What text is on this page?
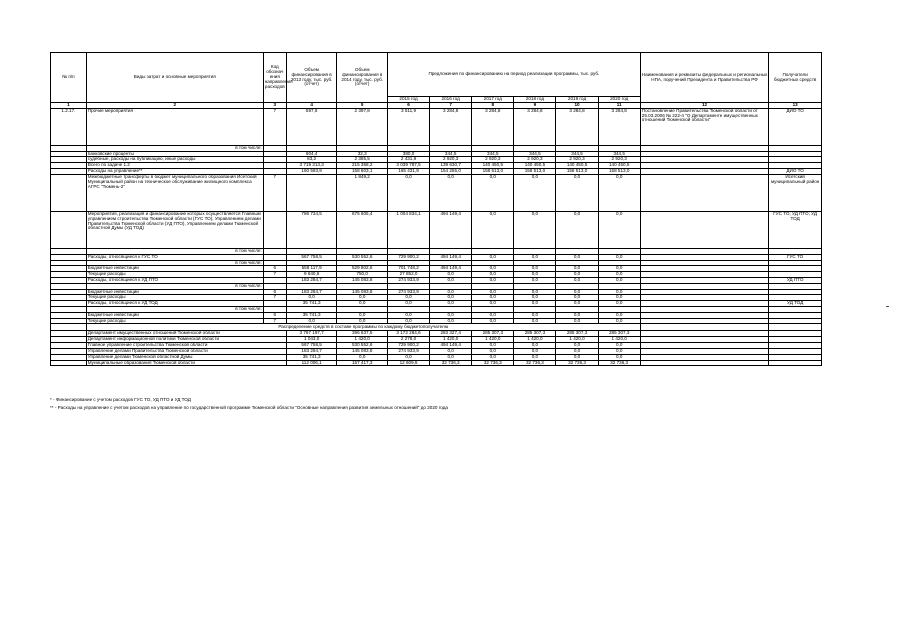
№ п/п	Виды затрат и основные мероприятия	Код обознач ения направления расходов	Объем финансирования в 2013 году, тыс. руб. (отчет)	Объем финансирования в 2014 году, тыс. руб. (отчет)	Предложения по финансированию на период реализации программы, тыс. руб.						Наименования и реквизиты федеральных и региональных НПА, поручений Президента и Правительства РФ	Получатели бюджетных средств
					2015 год	2016 год	2017 год	2018 год	2019 год	2020 год		
1	2	3	4	5	6	7	8	9	10	11	12	13
1.2.17.	Прочие мероприятия	7	597,6	2 397,8	3 511,9	3 284,8	3 284,8	3 284,8	3 284,8	3 284,8	Постановление Правительства Тюменской области от 25.03.2006 № 222-п "О Департаменте имущественных отношений Тюменской области"	ДИО ТО
	в том числе:											
	банковские проценты		604,4	32,3	380,0	344,5	344,5	344,5	344,5	344,5		
	судебные, расходы на публикацию, иные расходы		83,2	2 365,5	2 431,9	2 920,3	2 920,3	2 920,3	2 920,3	2 920,3		
	Всего по задаче 1.2		3 719 313,3	215 358,2	3 039 787,5	139 630,7	140 450,5	140 450,5	140 450,5	140 450,5		
	Расходы на управление**		160 593,9	158 603,1	165 431,9	154 255,0	158 513,0	158 513,0	158 513,0	158 513,0		ДИО ТО
	Межбюджетные трансферты в бюджет муниципального образования Исетский Муниципальный район на техническое обслуживание жилищного комплекса АГРС "Тюмень-2"	7		1 849,2	0,0	0,0	0,0	0,0	0,0	0,0		Исетский муниципальный район
	Мероприятия, реализация и финансирование которых осуществляется Главным управлением строительства Тюменской области (ГУС ТО), Управлением делами Правительства Тюменской области (УД ПТО), Управлением делами Тюменской областной Думы (УД ТОД)		786 734,5	675 605,4	1 004 834,1	494 149,4	0,0	0,0	0,0	0,0		ГУС ТО; УД ПТО; УД ТОД
	в том числе:											
	Расходы, относящиеся к ГУС ТО		567 758,5	530 552,6	729 900,2	494 149,4	0,0	0,0	0,0	0,0		ГУС ТО
	в том числе:											
	Бюджетные инвестиции	6	558 117,9	529 802,6	701 748,2	494 149,4	0,0	0,0	0,0	0,0		
	Текущие расходы	7	9 640,6	750,0	27 852,0	0,0	0,0	0,0	0,0	0,0		
	Расходы, относящиеся к УД ПТО		183 284,7	145 083,8	274 933,9	0,0	0,0	0,0	0,0	0,0		УД ПТО
	в том числе:											
	Бюджетные инвестиции	6	183 284,7	145 083,8	274 933,9	0,0	0,0	0,0	0,0	0,0		
	Текущие расходы	7	0,0	0,0	0,0	0,0	0,0	0,0	0,0	0,0		
	Расходы, относящиеся к УД ТОД		35 741,3	0,0	0,0	0,0	0,0	0,0	0,0	0,0		УД ТОД
	в том числе:											
	Бюджетные инвестиции	6	35 741,3	0,0	0,0	0,0	0,0	0,0	0,0	0,0		
	Текущие расходы	7	0,0	0,0	0,0	0,0	0,0	0,0	0,0	0,0		
	Распределение средств в составе программы по каждому бюджетополучателю											
	Департамент имущественных отношений Тюменской области		3 767 197,7	396 637,5	3 172 284,6	283 327,4	285 307,3	285 307,3	285 307,3	285 307,3		
	Департамент информационной политики Тюменской области		1 043,0	1 420,0	2 278,0	1 420,0	1 420,0	1 420,0	1 420,0	1 420,0		
	Главное управление строительства Тюменской области		567 758,5	530 552,6	729 900,2	494 149,4	0,0	0,0	0,0	0,0		
	Управление делами Правительства Тюменской области		183 284,7	145 083,8	274 933,9	0,0	0,0	0,0	0,0	0,0		
	Управление делами Тюменской областной Думы		35 741,3	0,0	0,0	0,0	0,0	0,0	0,0	0,0		
	Муниципальные образования Тюменской области		112 006,1	157 417,3	12 609,6	32 736,3	32 736,3	32 736,3	32 736,3	32 736,3		
* - Финансирование с учетом расходов ГУС ТО, УД ПТО и УД ТОД
** - Расходы на управление с учетом расходов на управление по государственной программе Тюменской области "Основные направления развития земельных отношений" до 2020 года
